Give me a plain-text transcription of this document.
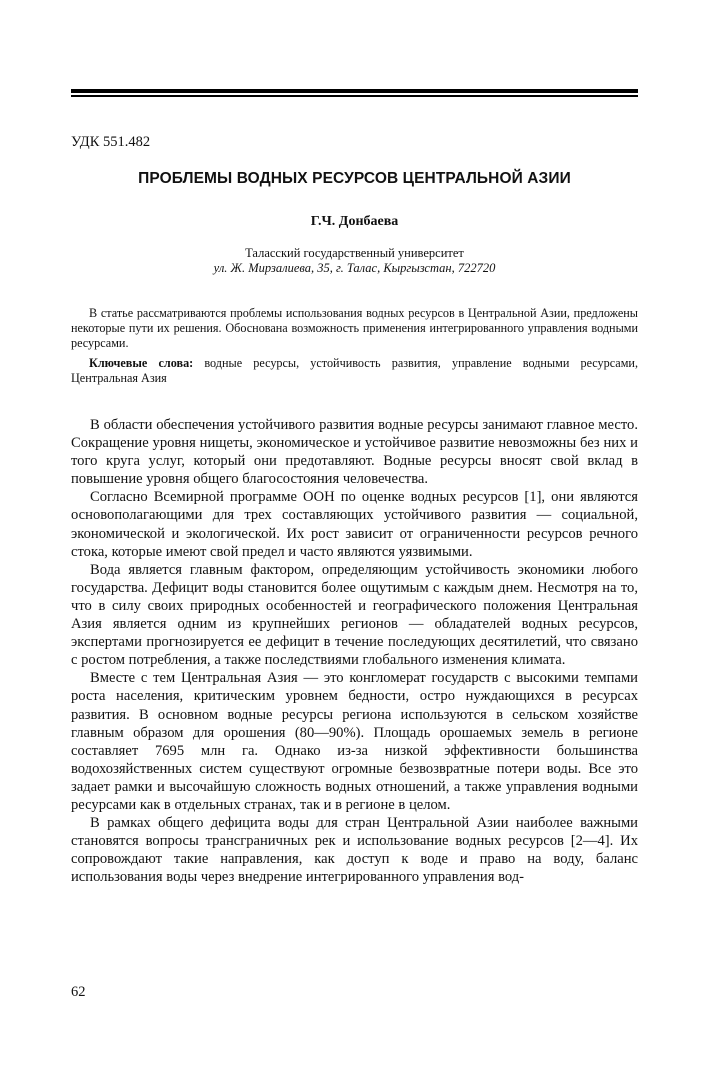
УДК 551.482
ПРОБЛЕМЫ ВОДНЫХ РЕСУРСОВ ЦЕНТРАЛЬНОЙ АЗИИ
Г.Ч. Донбаева
Таласский государственный университет
ул. Ж. Мирзалиева, 35, г. Талас, Кыргызстан, 722720

В статье рассматриваются проблемы использования водных ресурсов в Центральной Азии, предложены некоторые пути их решения. Обоснована возможность применения интегрированного управления водными ресурсами.

Ключевые слова: водные ресурсы, устойчивость развития, управление водными ресурсами, Центральная Азия

В области обеспечения устойчивого развития водные ресурсы занимают главное место. Сокращение уровня нищеты, экономическое и устойчивое развитие невозможны без них и того круга услуг, который они предотавляют. Водные ресурсы вносят свой вклад в повышение уровня общего благосостояния человечества.

Согласно Всемирной программе ООН по оценке водных ресурсов [1], они являются основополагающими для трех составляющих устойчивого развития — социальной, экономической и экологической. Их рост зависит от ограниченности ресурсов речного стока, которые имеют свой предел и часто являются уязвимыми.

Вода является главным фактором, определяющим устойчивость экономики любого государства. Дефицит воды становится более ощутимым с каждым днем. Несмотря на то, что в силу своих природных особенностей и географического положения Центральная Азия является одним из крупнейших регионов — обладателей водных ресурсов, экспертами прогнозируется ее дефицит в течение последующих десятилетий, что связано с ростом потребления, а также последствиями глобального изменения климата.

Вместе с тем Центральная Азия — это конгломерат государств с высокими темпами роста населения, критическим уровнем бедности, остро нуждающихся в ресурсах развития. В основном водные ресурсы региона используются в сельском хозяйстве главным образом для орошения (80—90%). Площадь орошаемых земель в регионе составляет 7695 млн га. Однако из-за низкой эффективности большинства водохозяйственных систем существуют огромные безвозвратные потери воды. Все это задает рамки и высочайшую сложность водных отношений, а также управления водными ресурсами как в отдельных странах, так и в регионе в целом.

В рамках общего дефицита воды для стран Центральной Азии наиболее важными становятся вопросы трансграничных рек и использование водных ресурсов [2—4]. Их сопровождают такие направления, как доступ к воде и право на воду, баланс использования воды через внедрение интегрированного управления вод-

62
